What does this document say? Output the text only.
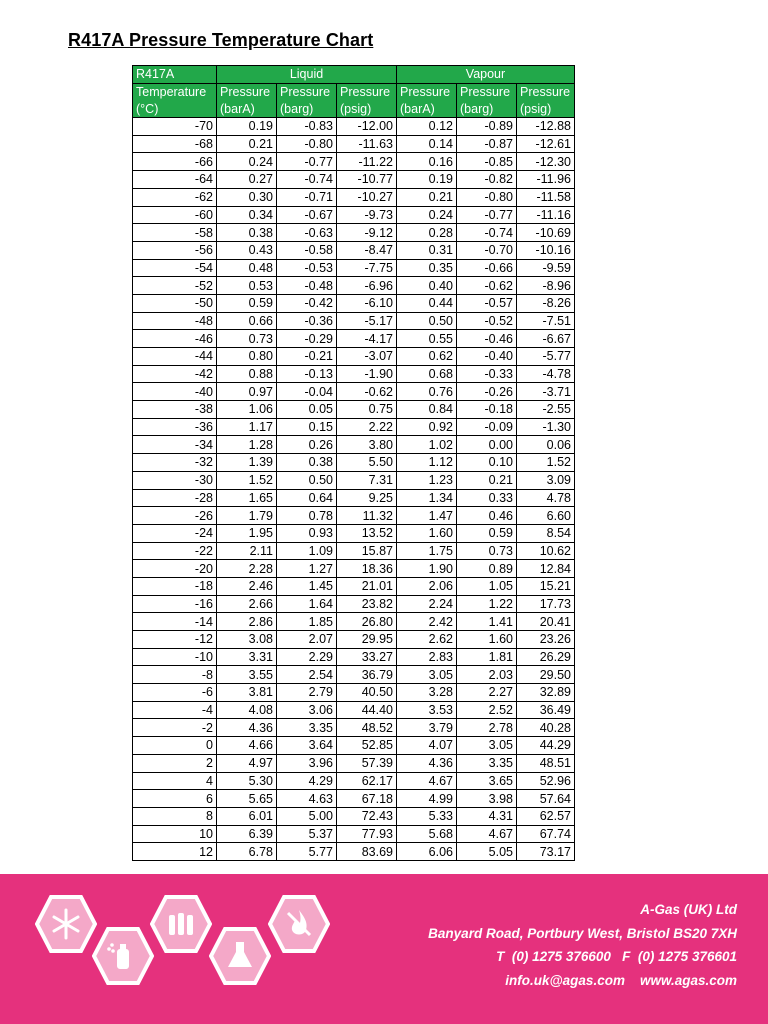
R417A Pressure Temperature Chart
R417A	Liquid			Vapour		
Temperature	Pressure	Pressure	Pressure	Pressure	Pressure	Pressure
(°C)	(barA)	(barg)	(psig)	(barA)	(barg)	(psig)
-70	0.19	-0.83	-12.00	0.12	-0.89	-12.88
-68	0.21	-0.80	-11.63	0.14	-0.87	-12.61
-66	0.24	-0.77	-11.22	0.16	-0.85	-12.30
-64	0.27	-0.74	-10.77	0.19	-0.82	-11.96
-62	0.30	-0.71	-10.27	0.21	-0.80	-11.58
-60	0.34	-0.67	-9.73	0.24	-0.77	-11.16
-58	0.38	-0.63	-9.12	0.28	-0.74	-10.69
-56	0.43	-0.58	-8.47	0.31	-0.70	-10.16
-54	0.48	-0.53	-7.75	0.35	-0.66	-9.59
-52	0.53	-0.48	-6.96	0.40	-0.62	-8.96
-50	0.59	-0.42	-6.10	0.44	-0.57	-8.26
-48	0.66	-0.36	-5.17	0.50	-0.52	-7.51
-46	0.73	-0.29	-4.17	0.55	-0.46	-6.67
-44	0.80	-0.21	-3.07	0.62	-0.40	-5.77
-42	0.88	-0.13	-1.90	0.68	-0.33	-4.78
-40	0.97	-0.04	-0.62	0.76	-0.26	-3.71
-38	1.06	0.05	0.75	0.84	-0.18	-2.55
-36	1.17	0.15	2.22	0.92	-0.09	-1.30
-34	1.28	0.26	3.80	1.02	0.00	0.06
-32	1.39	0.38	5.50	1.12	0.10	1.52
-30	1.52	0.50	7.31	1.23	0.21	3.09
-28	1.65	0.64	9.25	1.34	0.33	4.78
-26	1.79	0.78	11.32	1.47	0.46	6.60
-24	1.95	0.93	13.52	1.60	0.59	8.54
-22	2.11	1.09	15.87	1.75	0.73	10.62
-20	2.28	1.27	18.36	1.90	0.89	12.84
-18	2.46	1.45	21.01	2.06	1.05	15.21
-16	2.66	1.64	23.82	2.24	1.22	17.73
-14	2.86	1.85	26.80	2.42	1.41	20.41
-12	3.08	2.07	29.95	2.62	1.60	23.26
-10	3.31	2.29	33.27	2.83	1.81	26.29
-8	3.55	2.54	36.79	3.05	2.03	29.50
-6	3.81	2.79	40.50	3.28	2.27	32.89
-4	4.08	3.06	44.40	3.53	2.52	36.49
-2	4.36	3.35	48.52	3.79	2.78	40.28
0	4.66	3.64	52.85	4.07	3.05	44.29
2	4.97	3.96	57.39	4.36	3.35	48.51
4	5.30	4.29	62.17	4.67	3.65	52.96
6	5.65	4.63	67.18	4.99	3.98	57.64
8	6.01	5.00	72.43	5.33	4.31	62.57
10	6.39	5.37	77.93	5.68	4.67	67.74
12	6.78	5.77	83.69	6.06	5.05	73.17
A-Gas (UK) Ltd
Banyard Road, Portbury West, Bristol BS20 7XH
T  (0) 1275 376600   F  (0) 1275 376601
info.uk@agas.com    www.agas.com
